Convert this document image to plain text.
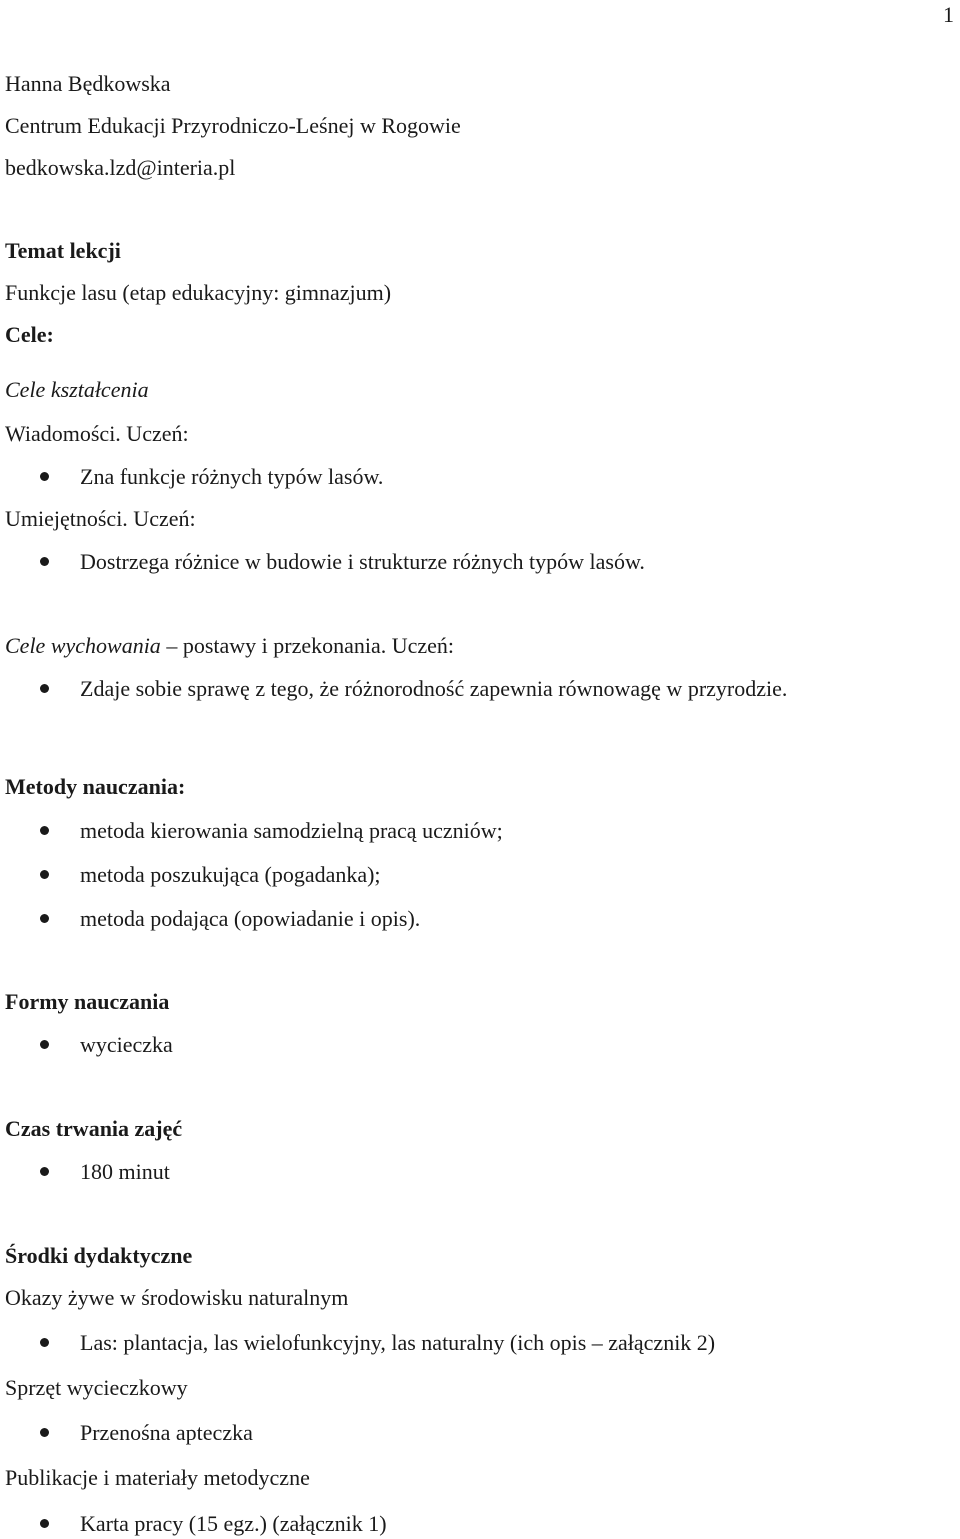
1
Hanna Będkowska
Centrum Edukacji Przyrodniczo-Leśnej w Rogowie
bedkowska.lzd@interia.pl
Temat lekcji
Funkcje lasu (etap edukacyjny: gimnazjum)
Cele:
Cele kształcenia
Wiadomości. Uczeń:
Zna funkcje różnych typów lasów.
Umiejętności. Uczeń:
Dostrzega różnice w budowie i strukturze różnych typów lasów.
Cele wychowania – postawy i przekonania. Uczeń:
Zdaje sobie sprawę z tego, że różnorodność zapewnia równowagę w przyrodzie.
Metody nauczania:
metoda kierowania samodzielną pracą uczniów;
metoda poszukująca (pogadanka);
metoda podająca (opowiadanie i opis).
Formy nauczania
wycieczka
Czas trwania zajęć
180 minut
Środki dydaktyczne
Okazy żywe w środowisku naturalnym
Las: plantacja, las wielofunkcyjny, las naturalny (ich opis – załącznik 2)
Sprzęt wycieczkowy
Przenośna apteczka
Publikacje i materiały metodyczne
Karta pracy (15 egz.) (załącznik 1)
